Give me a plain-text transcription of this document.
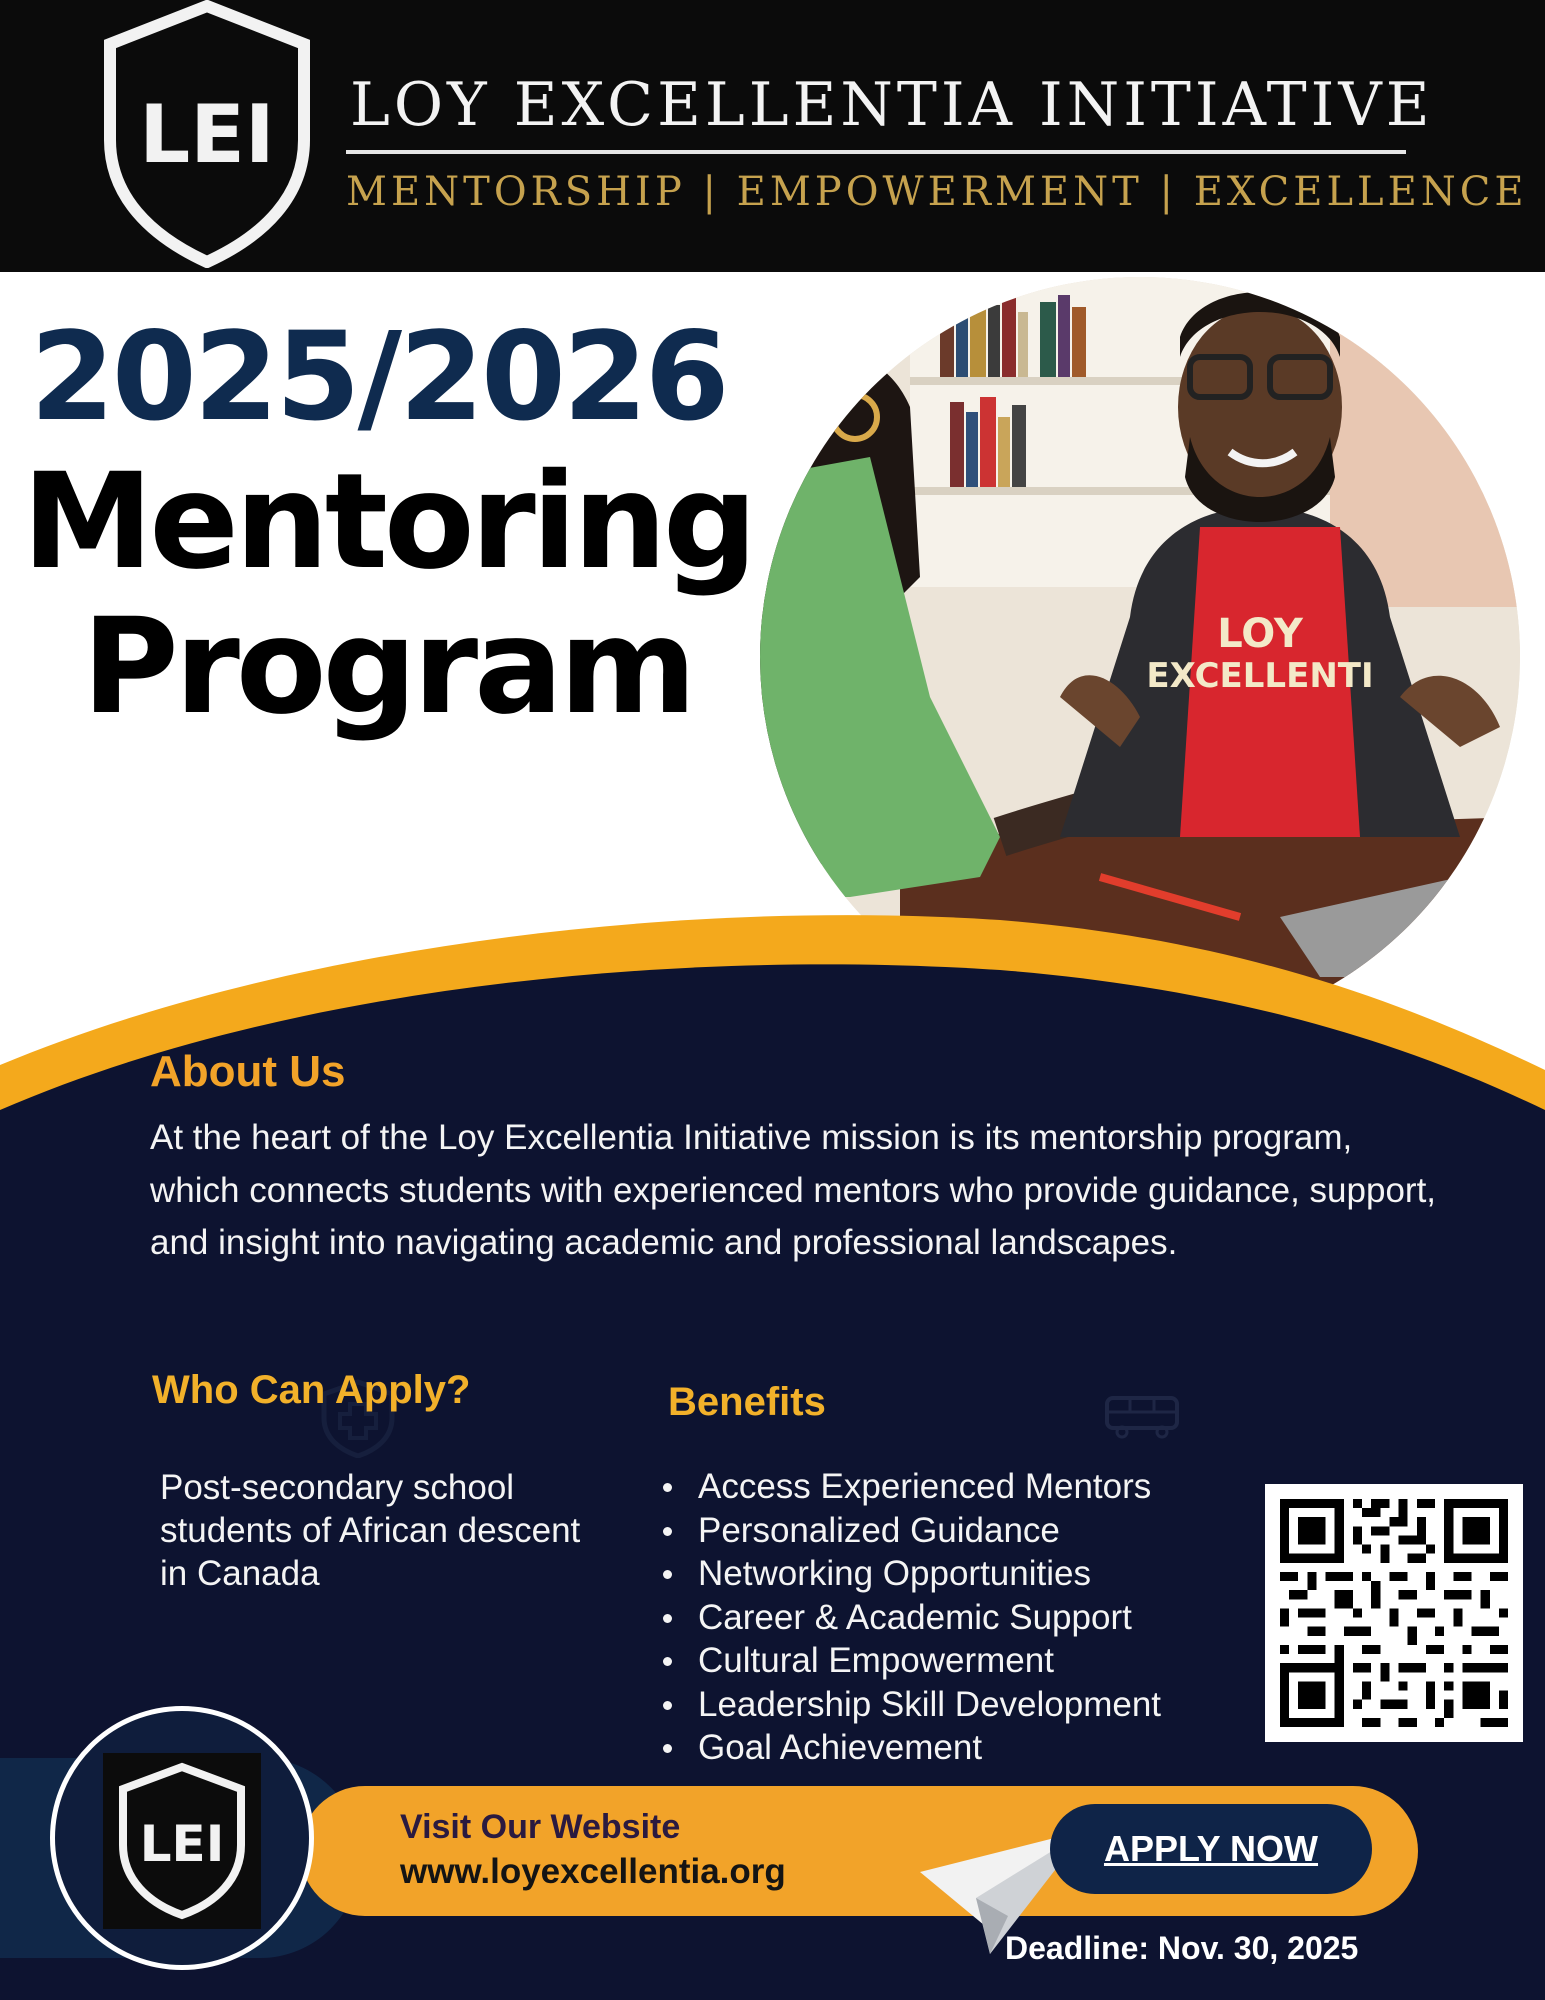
LEI LOY EXCELLENTIA INITIATIVE
MENTORSHIP | EMPOWERMENT | EXCELLENCE
2025/2026
Mentoring
Program	LOY
EXCELLENTI
About Us
At the heart of the Loy Excellentia Initiative mission is its mentorship program, which connects students with experienced mentors who provide guidance, support, and insight into navigating academic and professional landscapes.
Who Can Apply?
Post-secondary school students of African descent in Canada
Benefits
Access Experienced Mentors
Personalized Guidance
Networking Opportunities
Career & Academic Support
Cultural Empowerment
Leadership Skill Development
Goal Achievement
LEI	Visit Our Website
www.loyexcellentia.org
APPLY NOW
Deadline: Nov. 30, 2025
